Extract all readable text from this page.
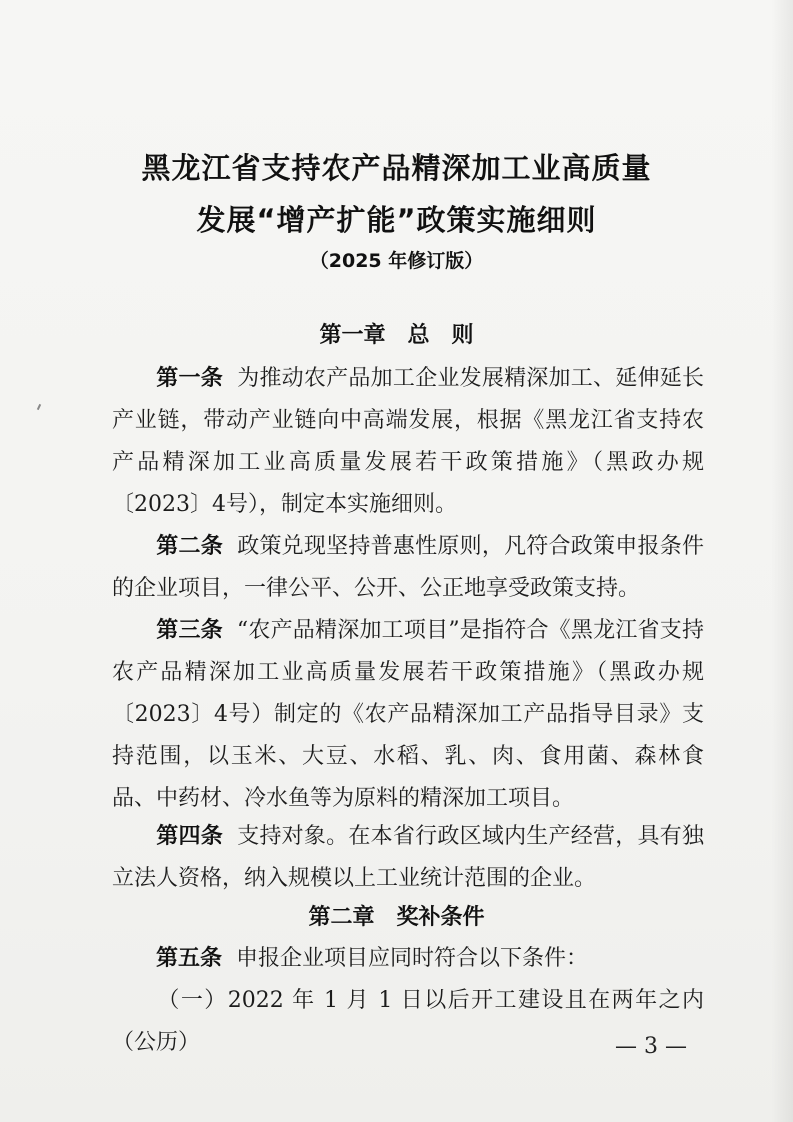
黑龙江省支持农产品精深加工业高质量
发展“增产扩能”政策实施细则
（2025 年修订版）
第一章　总　则
第一条 为推动农产品加工企业发展精深加工、延伸延长产业链，带动产业链向中高端发展，根据《黑龙江省支持农产品精深加工业高质量发展若干政策措施》（黑政办规〔2023〕4号），制定本实施细则。
第二条 政策兑现坚持普惠性原则，凡符合政策申报条件的企业项目，一律公平、公开、公正地享受政策支持。
第三条 “农产品精深加工项目”是指符合《黑龙江省支持农产品精深加工业高质量发展若干政策措施》（黑政办规〔2023〕4号）制定的《农产品精深加工产品指导目录》支持范围，以玉米、大豆、水稻、乳、肉、食用菌、森林食品、中药材、冷水鱼等为原料的精深加工项目。
第四条 支持对象。在本省行政区域内生产经营，具有独立法人资格，纳入规模以上工业统计范围的企业。
第二章　奖补条件
第五条 申报企业项目应同时符合以下条件：
（一）2022 年 1 月 1 日以后开工建设且在两年之内（公历）	— 3 —
